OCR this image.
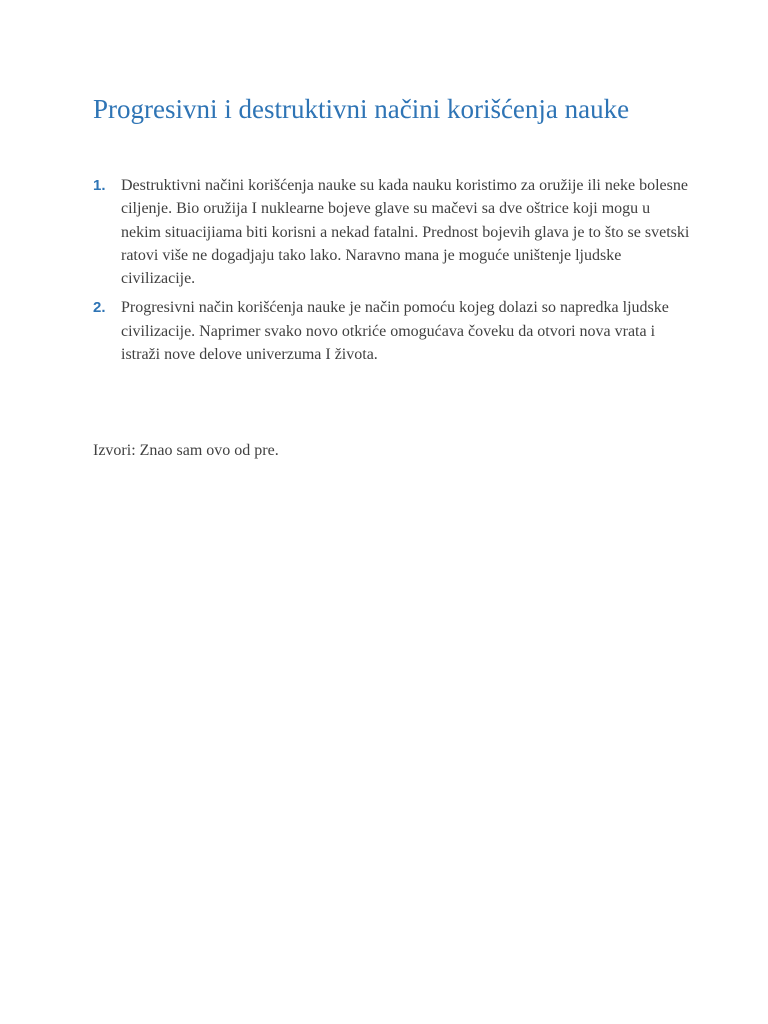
Progresivni i destruktivni načini korišćenja nauke
1. Destruktivni načini korišćenja nauke su kada nauku koristimo za oružije ili neke bolesne ciljenje. Bio oružija I nuklearne bojeve glave su mačevi sa dve oštrice koji mogu u nekim situacijiama biti korisni a nekad fatalni. Prednost bojevih glava je to što se svetski ratovi više ne dogadjaju tako lako. Naravno mana je moguće uništenje ljudske civilizacije.
2. Progresivni način korišćenja nauke je način pomoću kojeg dolazi so napredka ljudske civilizacije. Naprimer svako novo otkriće omogućava čoveku da otvori nova vrata i istraži nove delove univerzuma I života.

Izvori: Znao sam ovo od pre.
